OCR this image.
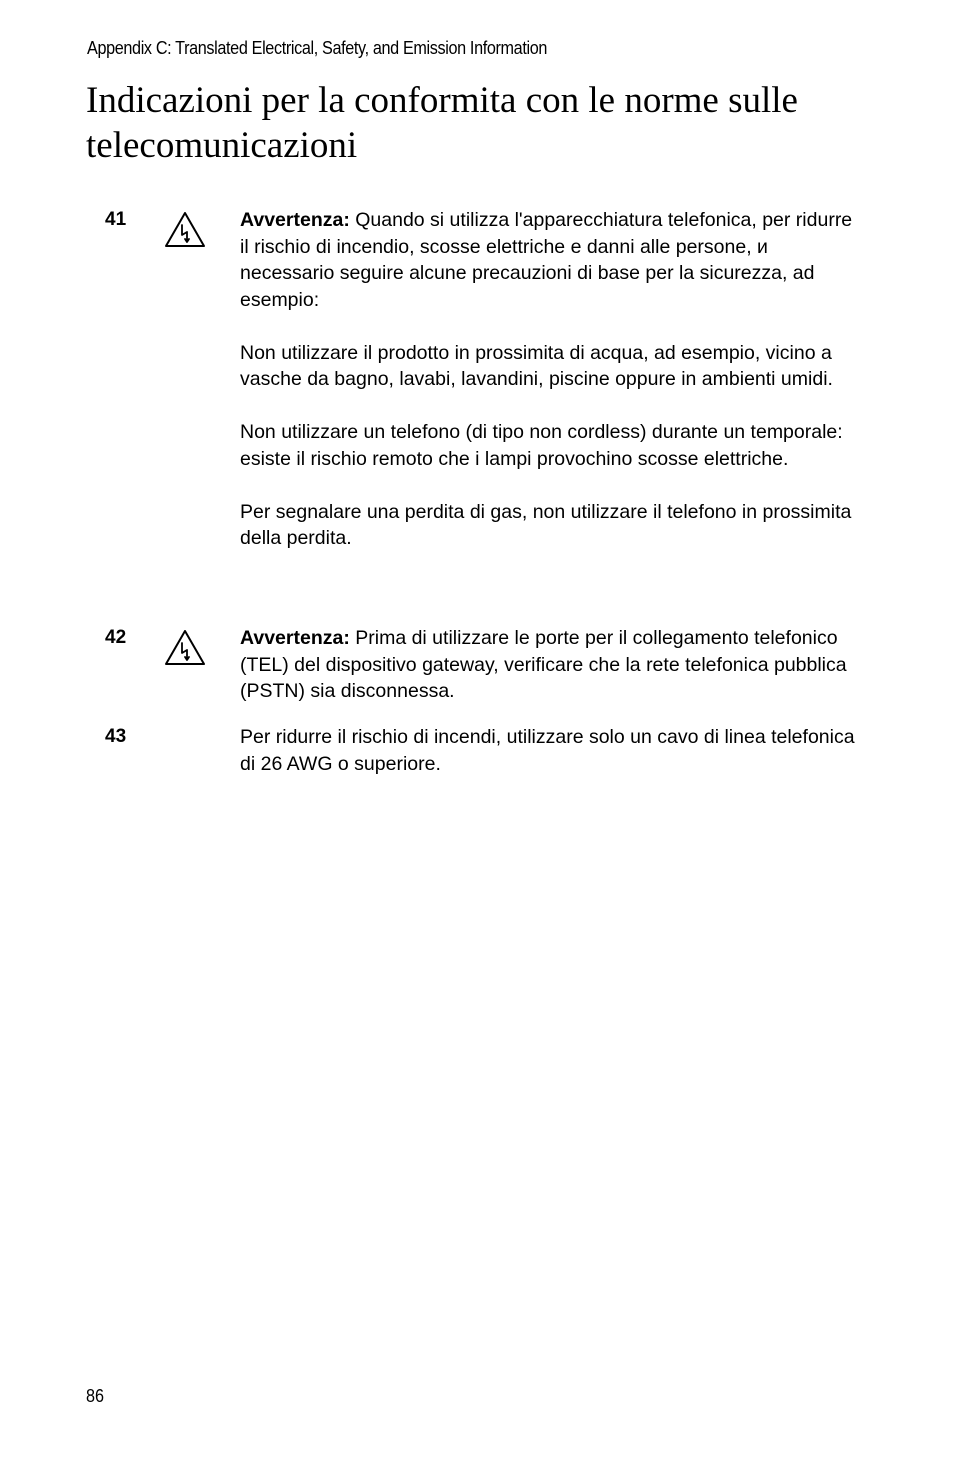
Appendix C: Translated Electrical, Safety, and Emission Information
Indicazioni per la conformita con le norme sulle telecomunicazioni
41	Avvertenza: Quando si utilizza l'apparecchiatura telefonica, per ridurre il rischio di incendio, scosse elettriche e danni alle persone, и necessario seguire alcune precauzioni di base per la sicurezza, ad esempio:

Non utilizzare il prodotto in prossimita di acqua, ad esempio, vicino a vasche da bagno, lavabi, lavandini, piscine oppure in ambienti umidi.

Non utilizzare un telefono (di tipo non cordless) durante un temporale: esiste il rischio remoto che i lampi provochino scosse elettriche.

Per segnalare una perdita di gas, non utilizzare il telefono in prossimita della perdita.

42	Avvertenza: Prima di utilizzare le porte per il collegamento telefonico (TEL) del dispositivo gateway, verificare che la rete telefonica pubblica (PSTN) sia disconnessa.

43	Per ridurre il rischio di incendi, utilizzare solo un cavo di linea telefonica di 26 AWG o superiore.

86
